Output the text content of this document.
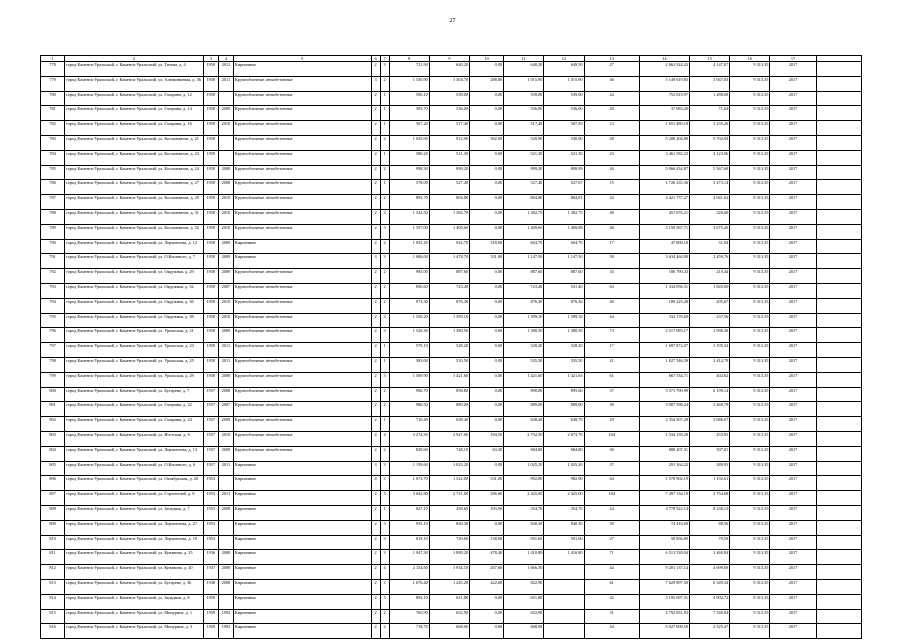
27
1	2	3	4	5	6	7	8	9	10	11	12	13	14	15	16	17	
778	город Каменск-Уральский, г. Каменск-Уральский, ул. Титова, д. 4	1959	2012	Кирпичные	2	3	721,90	640,20	0,00	640,20	649,50	27	2 662 924,42	4 147,07	9 313,35	2017	
779	город Каменск-Уральский, г. Каменск-Уральский, ул. Алюминиевая, д. 36	1958	2011	Крупноблочные лёгкобетонные	3	2	1 530,90	1 304,70	288,80	1 015,90	1 015,90	46	5 149 619,83	3 947,03	9 313,35	2017	
780	город Каменск-Уральский, г. Каменск-Уральский, ул. Гагарина, д. 12	1958		Крупноблочные лёгкобетонные	2	1	590,10	539,00	0,00	539,00	539,00	24	752 819,97	1 288,08	9 313,35	2017	
781	город Каменск-Уральский, г. Каменск-Уральский, ул. Гагарина, д. 14	1958	2009	Крупноблочные лёгкобетонные	2	1	583,70	536,00	0,00	536,00	536,00	20	37 083,20	71,64	9 313,35	2017	
782	город Каменск-Уральский, г. Каменск-Уральский, ул. Гагарина, д. 16	1958	2010	Крупноблочные лёгкобетонные	2	1	567,20	517,40	0,00	517,40	507,59	13	1 651 480,18	3 235,26	9 313,35	2017	
783	город Каменск-Уральский, г. Каменск-Уральский, ул. Космонавтов, д. 21	1958		Крупноблочные лёгкобетонные	2	2	1 045,00	912,90	392,00	520,90	530,90	28	5 208 204,88	5 702,94	9 313,35	2017	
784	город Каменск-Уральский, г. Каменск-Уральский, ул. Космонавтов, д. 23	1958		Крупноблочные лёгкобетонные	2	1	580,20	521,30	0,00	521,30	521,30	23	3 461 582,23	3 123,96	9 313,35	2017	
785	город Каменск-Уральский, г. Каменск-Уральский, ул. Космонавтов, д. 24	1958	2008	Крупноблочные лёгкобетонные	2	2	998,30	899,20	0,00	899,20	898,99	26	5 066 434,87	5 567,68	9 313,35	2017	
786	город Каменск-Уральский, г. Каменск-Уральский, ул. Космонавтов, д. 27	1958	2008	Крупноблочные лёгкобетонные	2	1	578,00	527,40	0,00	527,40	527,67	15	1 726 235,36	3 273,14	9 313,35	2017	
787	город Каменск-Уральский, г. Каменск-Уральский, ул. Космонавтов, д. 29	1958	2010	Крупноблочные лёгкобетонные	2	2	893,70	804,80	0,00	804,80	804,81	22	4 421 757,27	4 941,62	9 313,35	2017	
788	город Каменск-Уральский, г. Каменск-Уральский, ул. Космонавтов, д. 31	1958	2010	Крупноблочные лёгкобетонные	2	3	1 542,50	1 382,70	0,00	1 382,75	1 382,75	48	451 676,21	326,60	9 313,35	2017	
789	город Каменск-Уральский, г. Каменск-Уральский, ул. Космонавтов, д. 32	1958	2010	Крупноблочные лёгкобетонные	2	3	1 557,00	1 409,60	0,00	1 409,60	1 409,88	46	5 159 567,71	3 675,20	9 313,35	2017	
790	город Каменск-Уральский, г. Каменск-Уральский, ул. Лермонтова, д. 12	1958	2009	Кирпичные	2	2	1 035,20	922,70	318,00	604,70	604,70	17	47 800,10	51,84	9 313,35	2017	
791	город Каменск-Уральский, г. Каменск-Уральский, ул. О.Кошевого, д. 7	1958	2009	Кирпичные	3	3	1 686,00	1 478,70	331,00	1 147,50	1 147,50	58	3 634 464,80	2 459,76	9 313,35	2017	
792	город Каменск-Уральский, г. Каменск-Уральский, ул. Окружная, д. 29	1958	2009	Крупноблочные лёгкобетонные	2	2	985,00	887,60	0,00	887,60	887,60	33	186 790,33	210,44	9 313,35	2017	
793	город Каменск-Уральский, г. Каменск-Уральский, ул. Окружная, д. 32	1958	2007	Крупноблочные лёгкобетонные	2	2	890,60	723,40	0,00	723,40	531,40	63	1 334 856,31	1 845,00	9 313,35	2017	
794	город Каменск-Уральский, г. Каменск-Уральский, ул. Окружная, д. 36	1958	2010	Крупноблочные лёгкобетонные	2	2	973,30	876,30	0,00	876,30	876,30	40	180 225,28	205,67	9 313,35	2017	
795	город Каменск-Уральский, г. Каменск-Уральский, ул. Окружная, д. 38	1958	2010	Крупноблочные лёгкобетонные	2	3	1 550,20	1 399,10	0,00	1 399,10	1 399,10	64	332 176,60	237,56	9 313,35	2017	
796	город Каменск-Уральский, г. Каменск-Уральский, ул. Уральская, д. 21	1958	2009	Крупноблочные лёгкобетонные	2	3	1 526,30	1 380,50	0,00	1 380,50	1 380,50	73	2 517 085,17	1 996,38	9 313,35	2017	
797	город Каменск-Уральский, г. Каменск-Уральский, ул. Уральская, д. 23	1958	2011	Крупноблочные лёгкобетонные	2	1	579,10	528,20	0,00	528,20	528,20	17	1 697 872,07	3 195,32	9 313,35	2017	
798	город Каменск-Уральский, г. Каменск-Уральский, ул. Уральская, д. 25	1958	2011	Крупноблочные лёгкобетонные	2	1	583,00	535,50	0,00	535,50	535,50	21	1 827 546,39	3 412,79	9 313,35	2017	
799	город Каменск-Уральский, г. Каменск-Уральский, ул. Уральская, д. 29	1958	2008	Крупноблочные лёгкобетонные	2	3	1 569,90	1 421,60	0,00	1 421,60	1 421,65	61	667 534,71	402,62	9 313,35	2017	
800	город Каменск-Уральский, г. Каменск-Уральский, ул. Бугарева, д. 7	1957	2008	Крупноблочные лёгкобетонные	2	2	996,70	898,80	0,00	898,80	895,60	37	5 571 790,99	6 199,14	9 313,35	2017	
801	город Каменск-Уральский, г. Каменск-Уральский, ул. Гагарина, д. 22	1957	2007	Крупноблочные лёгкобетонные	2	2	986,50	889,00	0,00	889,00	889,00	39	3 087 596,24	3 469,78	9 313,35	2017	
802	город Каменск-Уральский, г. Каменск-Уральский, ул. Гагарина, д. 24	1957	2009	Крупноблочные лёгкобетонные	2	1	710,40	638,40	0,00	638,40	638,79	29	2 354 307,28	3 686,07	9 313,35	2017	
803	город Каменск-Уральский, г. Каменск-Уральский, ул. Исетская, д. 6	1957	2010	Крупноблочные лёгкобетонные	4	4	3 274,50	2 947,00	194,50	2 752,50	2 673,70	104	1 334 139,28	453,95	9 313,35	2017	
804	город Каменск-Уральский, г. Каменск-Уральский, ул. Лермонтова, д. 13	1957	2009	Крупноблочные лёгкобетонные	2	2	829,60	748,10	63,30	684,80	684,80	36	880 207,31	507,01	9 313,35	2017	
805	город Каменск-Уральский, г. Каменск-Уральский, ул. О.Кошевого, д. 6	1957	2011	Кирпичные	3	3	1 159,60	1 025,20	0,00	1 025,20	1 025,20	37	291 164,22	289,95	9 313,35	2017	
806	город Каменск-Уральский, г. Каменск-Уральский, ул. Октябрьская, д. 20	1953		Кирпичные	4	3	1 673,70	1 522,00	531,00	992,80	982,90	64	1 578 902,19	1 192,61	9 313,35	2017	
807	город Каменск-Уральский, г. Каменск-Уральский, ул. Строителей, д. 8	1953	2013	Кирпичные	2	3	3 042,80	2 721,60	296,60	2 425,00	2 425,00	104	7 497 134,19	2 754,68	9 313,35	2017	
808	город Каменск-Уральский, г. Каменск-Уральский, ул. Западная, д. 7	1953	2008	Кирпичные	2	1	827,10	458,60	103,90	354,70	354,70	24	3 778 922,14	8 238,13	9 313,35	2017	
809	город Каменск-Уральский, г. Каменск-Уральский, ул. Лермонтова, д. 27	1953		Кирпичные	2	3	935,10	840,30	0,00	840,30	840,30	39	74 416,68	88,56	9 313,35	2017	
810	город Каменск-Уральский, г. Каменск-Уральский, ул. Лермонтова, д. 18	1953		Кирпичные	2	3	819,10	729,60	138,00	591,60	591,60	27	58 856,89	79,59	9 313,35	2017	
811	город Каменск-Уральский, г. Каменск-Уральский, ул. Кунавина, д. 25	1936	2008	Кирпичные	2	3	1 947,30	1 889,20	478,40	1 410,80	1 410,80	71	6 513 539,04	3 460,94	9 313,35	2017	
812	город Каменск-Уральский, г. Каменск-Уральский, ул. Кунавина, д. 20	1937	2008	Кирпичные	2	4	2 154,60	1 934,10	267,60	1 666,50		42	9 201 137,14	4 699,69	9 313,35	2017	
813	город Каменск-Уральский, г. Каменск-Уральский, ул. Бугарева, д. 36	1938	2008	Кирпичные	2	3	1 676,40	1 245,20	422,60	822,90		61	7 629 897,50	6 349,34	9 313,35	2017	
814	город Каменск-Уральский, г. Каменск-Уральский, ул. Западная, д. 8	1958		Кирпичные	2	3	893,10	651,80	0,00	651,80		42	3 195 697,31	4 902,72	9 313,35	2017	
815	город Каменск-Уральский, г. Каменск-Уральский, ул. Мичурина, д. 1	1959	1992	Кирпичные	2	2	765,90	652,90	0,00	652,90		31	4 792 851,93	7 340,84	9 313,35	2017	
816	город Каменск-Уральский, г. Каменск-Уральский, ул. Мичурина, д. 3	1959	1992	Кирпичные	2	2	718,70	668,00	0,00	668,00		34	3 027 000,50	2 525,47	9 313,35	2017	
